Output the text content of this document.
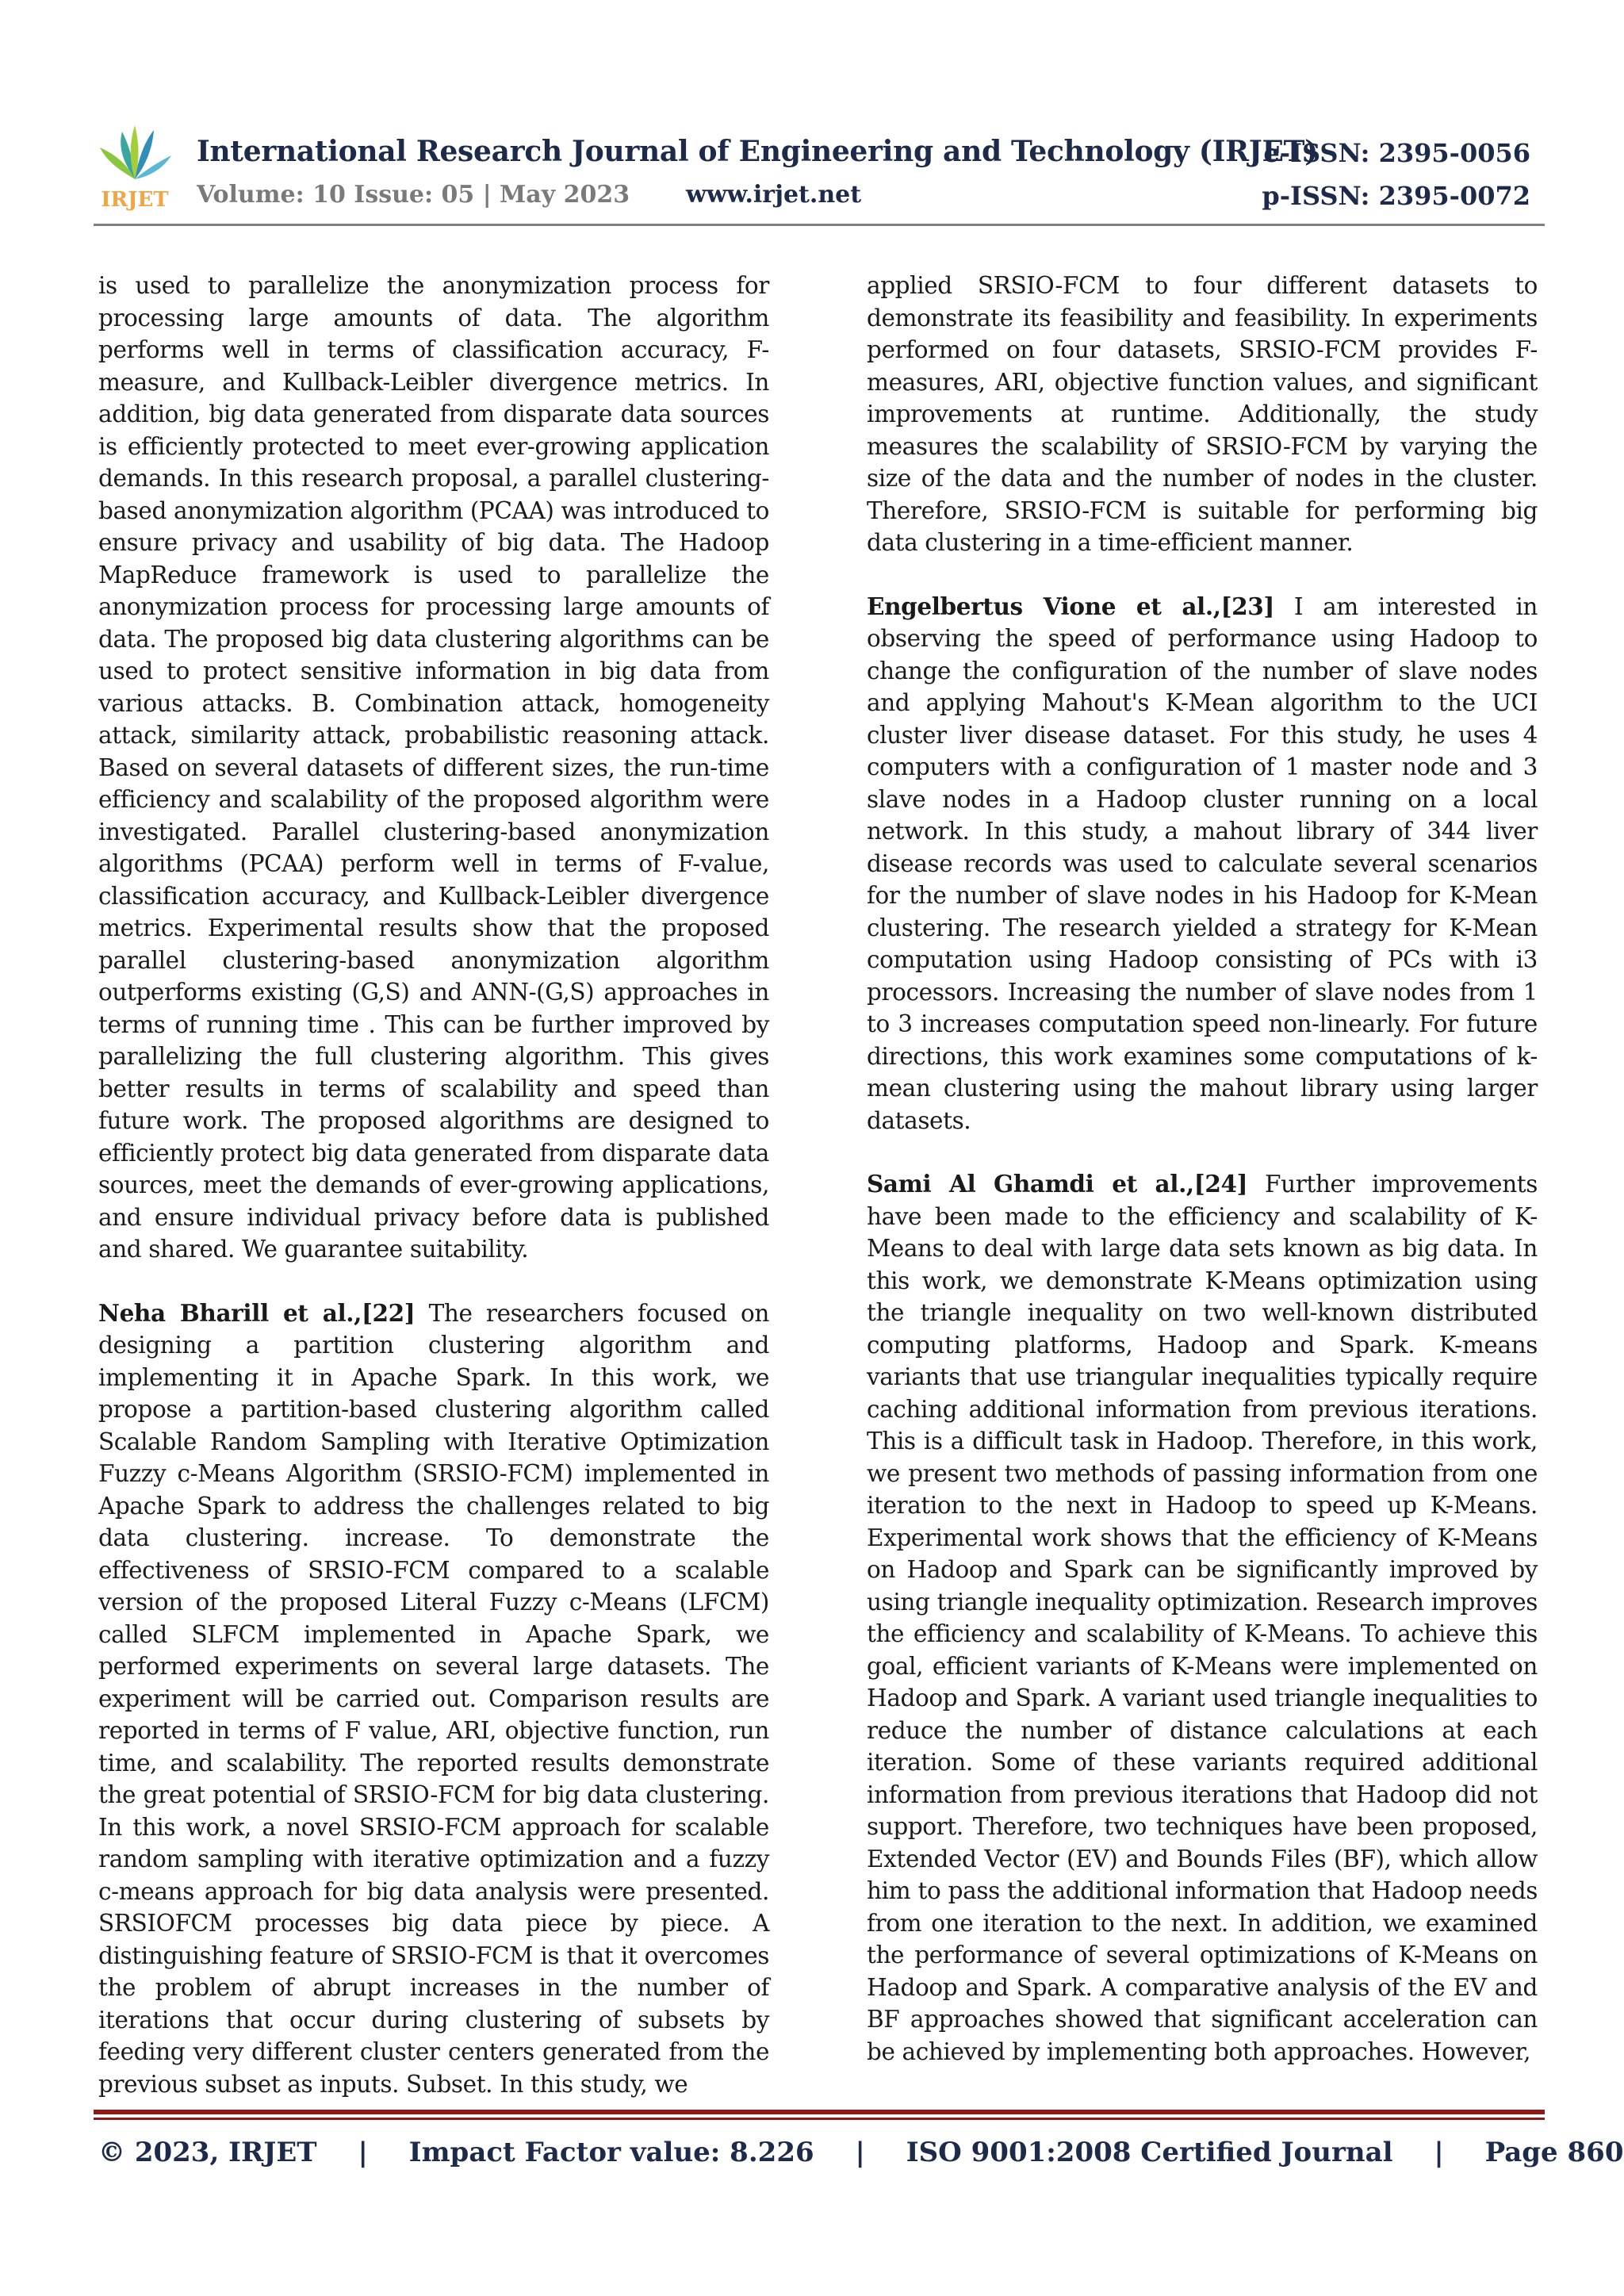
IRJET
International Research Journal of Engineering and Technology (IRJET)
e-ISSN: 2395-0056
Volume: 10 Issue: 05 | May 2023 www.irjet.net	p-ISSN: 2395-0072

is used to parallelize the anonymization process for processing large amounts of data. The algorithm performs well in terms of classification accuracy, F-measure, and Kullback-Leibler divergence metrics. In addition, big data generated from disparate data sources is efficiently protected to meet ever-growing application demands. In this research proposal, a parallel clustering-based anonymization algorithm (PCAA) was introduced to ensure privacy and usability of big data. The Hadoop MapReduce framework is used to parallelize the anonymization process for processing large amounts of data. The proposed big data clustering algorithms can be used to protect sensitive information in big data from various attacks. B. Combination attack, homogeneity attack, similarity attack, probabilistic reasoning attack. Based on several datasets of different sizes, the run-time efficiency and scalability of the proposed algorithm were investigated. Parallel clustering-based anonymization algorithms (PCAA) perform well in terms of F-value, classification accuracy, and Kullback-Leibler divergence metrics. Experimental results show that the proposed parallel clustering-based anonymization algorithm outperforms existing (G,S) and ANN-(G,S) approaches in terms of running time . This can be further improved by parallelizing the full clustering algorithm. This gives better results in terms of scalability and speed than future work. The proposed algorithms are designed to efficiently protect big data generated from disparate data sources, meet the demands of ever-growing applications, and ensure individual privacy before data is published and shared. We guarantee suitability.

Neha Bharill et al.,[22] The researchers focused on designing a partition clustering algorithm and implementing it in Apache Spark. In this work, we propose a partition-based clustering algorithm called Scalable Random Sampling with Iterative Optimization Fuzzy c-Means Algorithm (SRSIO-FCM) implemented in Apache Spark to address the challenges related to big data clustering. increase. To demonstrate the effectiveness of SRSIO-FCM compared to a scalable version of the proposed Literal Fuzzy c-Means (LFCM) called SLFCM implemented in Apache Spark, we performed experiments on several large datasets. The experiment will be carried out. Comparison results are reported in terms of F value, ARI, objective function, run time, and scalability. The reported results demonstrate the great potential of SRSIO-FCM for big data clustering. In this work, a novel SRSIO-FCM approach for scalable random sampling with iterative optimization and a fuzzy c-means approach for big data analysis were presented. SRSIOFCM processes big data piece by piece. A distinguishing feature of SRSIO-FCM is that it overcomes the problem of abrupt increases in the number of iterations that occur during clustering of subsets by feeding very different cluster centers generated from the previous subset as inputs. Subset. In this study, we

applied SRSIO-FCM to four different datasets to demonstrate its feasibility and feasibility. In experiments performed on four datasets, SRSIO-FCM provides F-measures, ARI, objective function values, and significant improvements at runtime. Additionally, the study measures the scalability of SRSIO-FCM by varying the size of the data and the number of nodes in the cluster. Therefore, SRSIO-FCM is suitable for performing big data clustering in a time-efficient manner.

Engelbertus Vione et al.,[23] I am interested in observing the speed of performance using Hadoop to change the configuration of the number of slave nodes and applying Mahout's K-Mean algorithm to the UCI cluster liver disease dataset. For this study, he uses 4 computers with a configuration of 1 master node and 3 slave nodes in a Hadoop cluster running on a local network. In this study, a mahout library of 344 liver disease records was used to calculate several scenarios for the number of slave nodes in his Hadoop for K-Mean clustering. The research yielded a strategy for K-Mean computation using Hadoop consisting of PCs with i3 processors. Increasing the number of slave nodes from 1 to 3 increases computation speed non-linearly. For future directions, this work examines some computations of k-mean clustering using the mahout library using larger datasets.

Sami Al Ghamdi et al.,[24] Further improvements have been made to the efficiency and scalability of K-Means to deal with large data sets known as big data. In this work, we demonstrate K-Means optimization using the triangle inequality on two well-known distributed computing platforms, Hadoop and Spark. K-means variants that use triangular inequalities typically require caching additional information from previous iterations. This is a difficult task in Hadoop. Therefore, in this work, we present two methods of passing information from one iteration to the next in Hadoop to speed up K-Means. Experimental work shows that the efficiency of K-Means on Hadoop and Spark can be significantly improved by using triangle inequality optimization. Research improves the efficiency and scalability of K-Means. To achieve this goal, efficient variants of K-Means were implemented on Hadoop and Spark. A variant used triangle inequalities to reduce the number of distance calculations at each iteration. Some of these variants required additional information from previous iterations that Hadoop did not support. Therefore, two techniques have been proposed, Extended Vector (EV) and Bounds Files (BF), which allow him to pass the additional information that Hadoop needs from one iteration to the next. In addition, we examined the performance of several optimizations of K-Means on Hadoop and Spark. A comparative analysis of the EV and BF approaches showed that significant acceleration can be achieved by implementing both approaches. However,

© 2023, IRJET | Impact Factor value: 8.226 | ISO 9001:2008 Certified Journal | Page 860
